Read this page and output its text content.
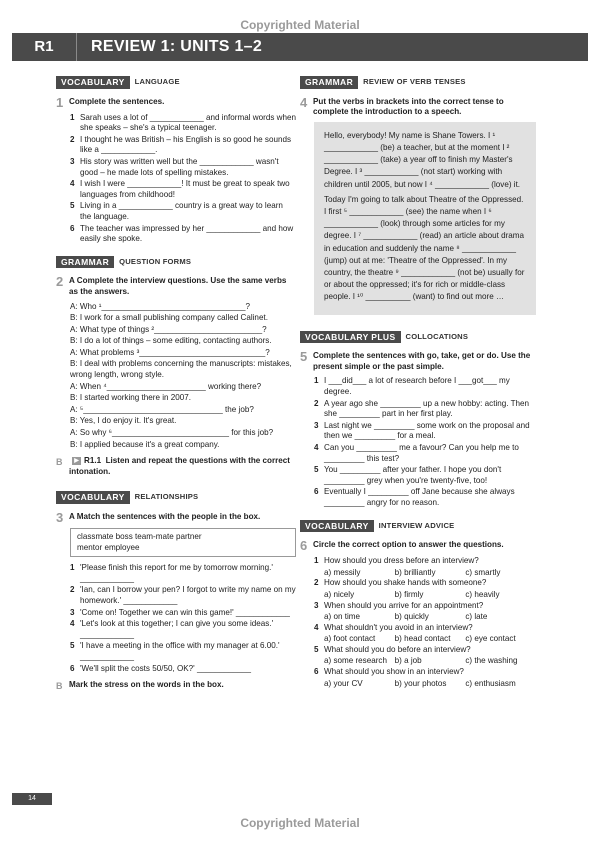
Copyrighted Material
R1	REVIEW 1: UNITS 1–2
VOCABULARY	LANGUAGE
1 Complete the sentences.
1 Sarah uses a lot of ____________ and informal words when she speaks – she's a typical teenager.
2 I thought he was British – his English is so good he sounds like a ____________.
3 His story was written well but the ____________ wasn't good – he made lots of spelling mistakes.
4 I wish I were ____________! It must be great to speak two languages from childhood!
5 Living in a ____________ country is a great way to learn the language.
6 The teacher was impressed by her ____________ and how easily she spoke.
GRAMMAR	QUESTION FORMS
2 A Complete the interview questions. Use the same verbs as the answers.
A: Who ¹________________________________?
B: I work for a small publishing company called Calinet.
A: What type of things ²________________________?
B: I do a lot of things – some editing, contacting authors.
A: What problems ³____________________________?
B: I deal with problems concerning the manuscripts: mistakes, wrong length, wrong style.
A: When ⁴______________________ working there?
B: I started working there in 2007.
A: ⁵_______________________________ the job?
B: Yes, I do enjoy it. It's great.
A: So why ⁶__________________________ for this job?
B: I applied because it's a great company.
B	▶ R1.1 Listen and repeat the questions with the correct intonation.
VOCABULARY	RELATIONSHIPS
3 A Match the sentences with the people in the box.
classmate boss team-mate partner
mentor employee
1 'Please finish this report for me by tomorrow morning.' ____________
2 'Ian, can I borrow your pen? I forgot to write my name on my homework.' ____________
3 'Come on! Together we can win this game!' ____________
4 'Let's look at this together; I can give you some ideas.' ____________
5 'I have a meeting in the office with my manager at 6.00.' ____________
6 'We'll split the costs 50/50, OK?' ____________
B Mark the stress on the words in the box.
GRAMMAR	REVIEW OF VERB TENSES
4 Put the verbs in brackets into the correct tense to complete the introduction to a speech.

Hello, everybody! My name is Shane Towers. I ¹ ____________ (be) a teacher, but at the moment I ² ____________ (take) a year off to finish my Master's Degree. I ³ ____________ (not start) working with children until 2005, but now I ⁴ ____________ (love) it.

Today I'm going to talk about Theatre of the Oppressed. I first ⁵ ____________ (see) the name when I ⁶ ____________ (look) through some articles for my degree. I ⁷ ____________ (read) an article about drama in education and suddenly the name ⁸ ____________ (jump) out at me: 'Theatre of the Oppressed'. In my country, the theatre ⁹ ____________ (not be) usually for or about the oppressed; it's for rich or middle-class people. I ¹⁰ __________ (want) to find out more …

VOCABULARY PLUS	COLLOCATIONS
5 Complete the sentences with go, take, get or do. Use the present simple or the past simple.
1 I ___did___ a lot of research before I ___got___ my degree.
2 A year ago she _________ up a new hobby: acting. Then she _________ part in her first play.
3 Last night we _________ some work on the proposal and then we _________ for a meal.
4 Can you _________ me a favour? Can you help me to _________ this test?
5 You _________ after your father. I hope you don't _________ grey when you're twenty-five, too!
6 Eventually I _________ off Jane because she always _________ angry for no reason.
VOCABULARY	INTERVIEW ADVICE
6 Circle the correct option to answer the questions.
1 How should you dress before an interview?
a) messily	b) brilliantly	c) smartly
2 How should you shake hands with someone?
a) nicely	b) firmly	c) heavily
3 When should you arrive for an appointment?
a) on time	b) quickly	c) late
4 What shouldn't you avoid in an interview?
a) foot contact	b) head contact	c) eye contact
5 What should you do before an interview?
a) some research b) a job	c) the washing
6 What should you show in an interview?
a) your CV	b) your photos	c) enthusiasm
14
Copyrighted Material
